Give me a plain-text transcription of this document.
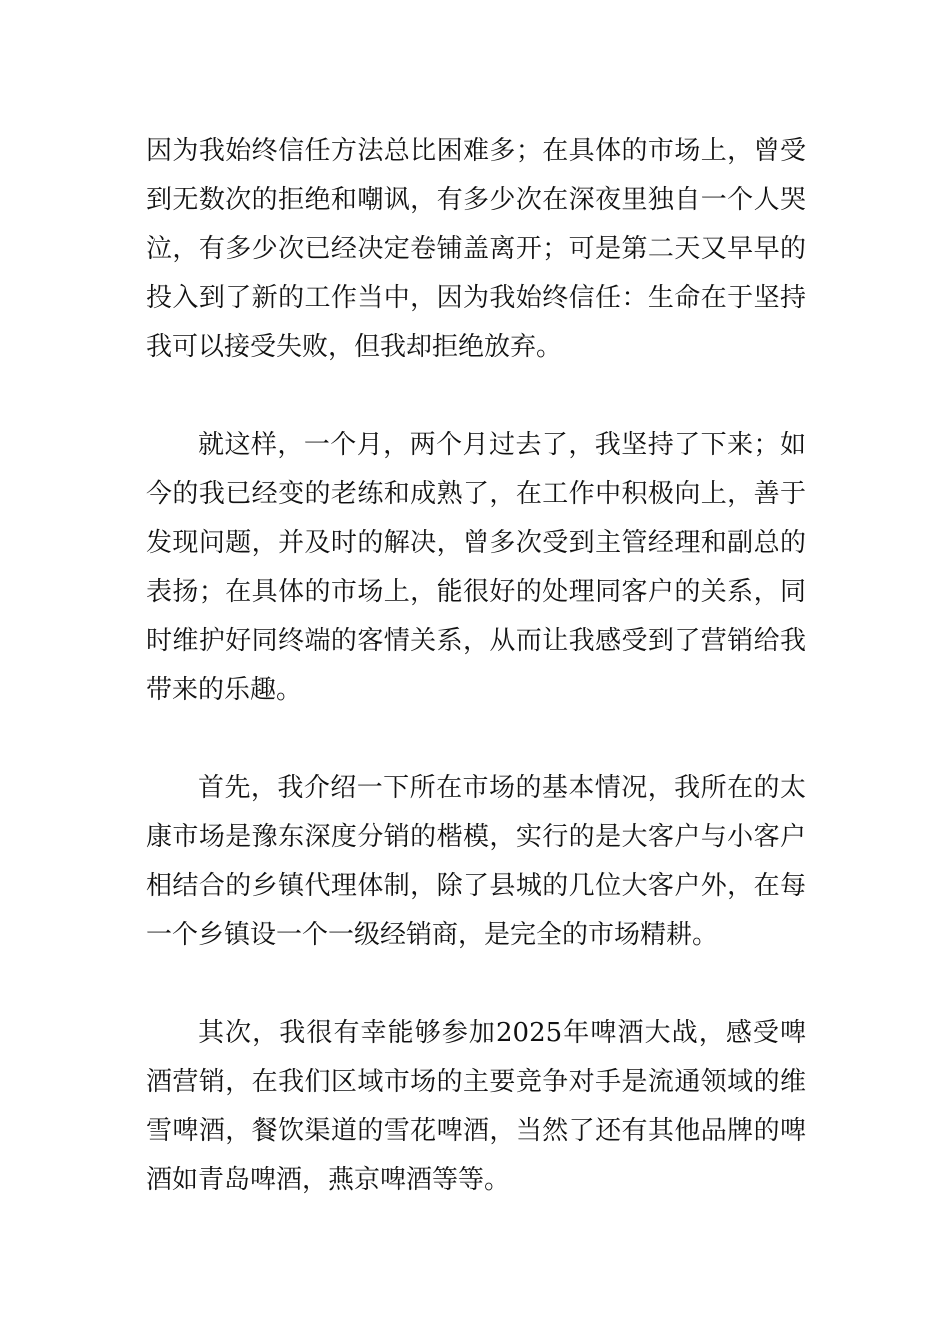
因为我始终信任方法总比困难多；在具体的市场上，曾受到无数次的拒绝和嘲讽，有多少次在深夜里独自一个人哭泣，有多少次已经决定卷铺盖离开；可是第二天又早早的投入到了新的工作当中，因为我始终信任：生命在于坚持我可以接受失败，但我却拒绝放弃。

就这样，一个月，两个月过去了，我坚持了下来；如今的我已经变的老练和成熟了，在工作中积极向上，善于发现问题，并及时的解决，曾多次受到主管经理和副总的表扬；在具体的市场上，能很好的处理同客户的关系，同时维护好同终端的客情关系，从而让我感受到了营销给我带来的乐趣。

首先，我介绍一下所在市场的基本情况，我所在的太康市场是豫东深度分销的楷模，实行的是大客户与小客户相结合的乡镇代理体制，除了县城的几位大客户外，在每一个乡镇设一个一级经销商，是完全的市场精耕。

其次，我很有幸能够参加2025年啤酒大战，感受啤酒营销，在我们区域市场的主要竞争对手是流通领域的维雪啤酒，餐饮渠道的雪花啤酒，当然了还有其他品牌的啤酒如青岛啤酒，燕京啤酒等等。
